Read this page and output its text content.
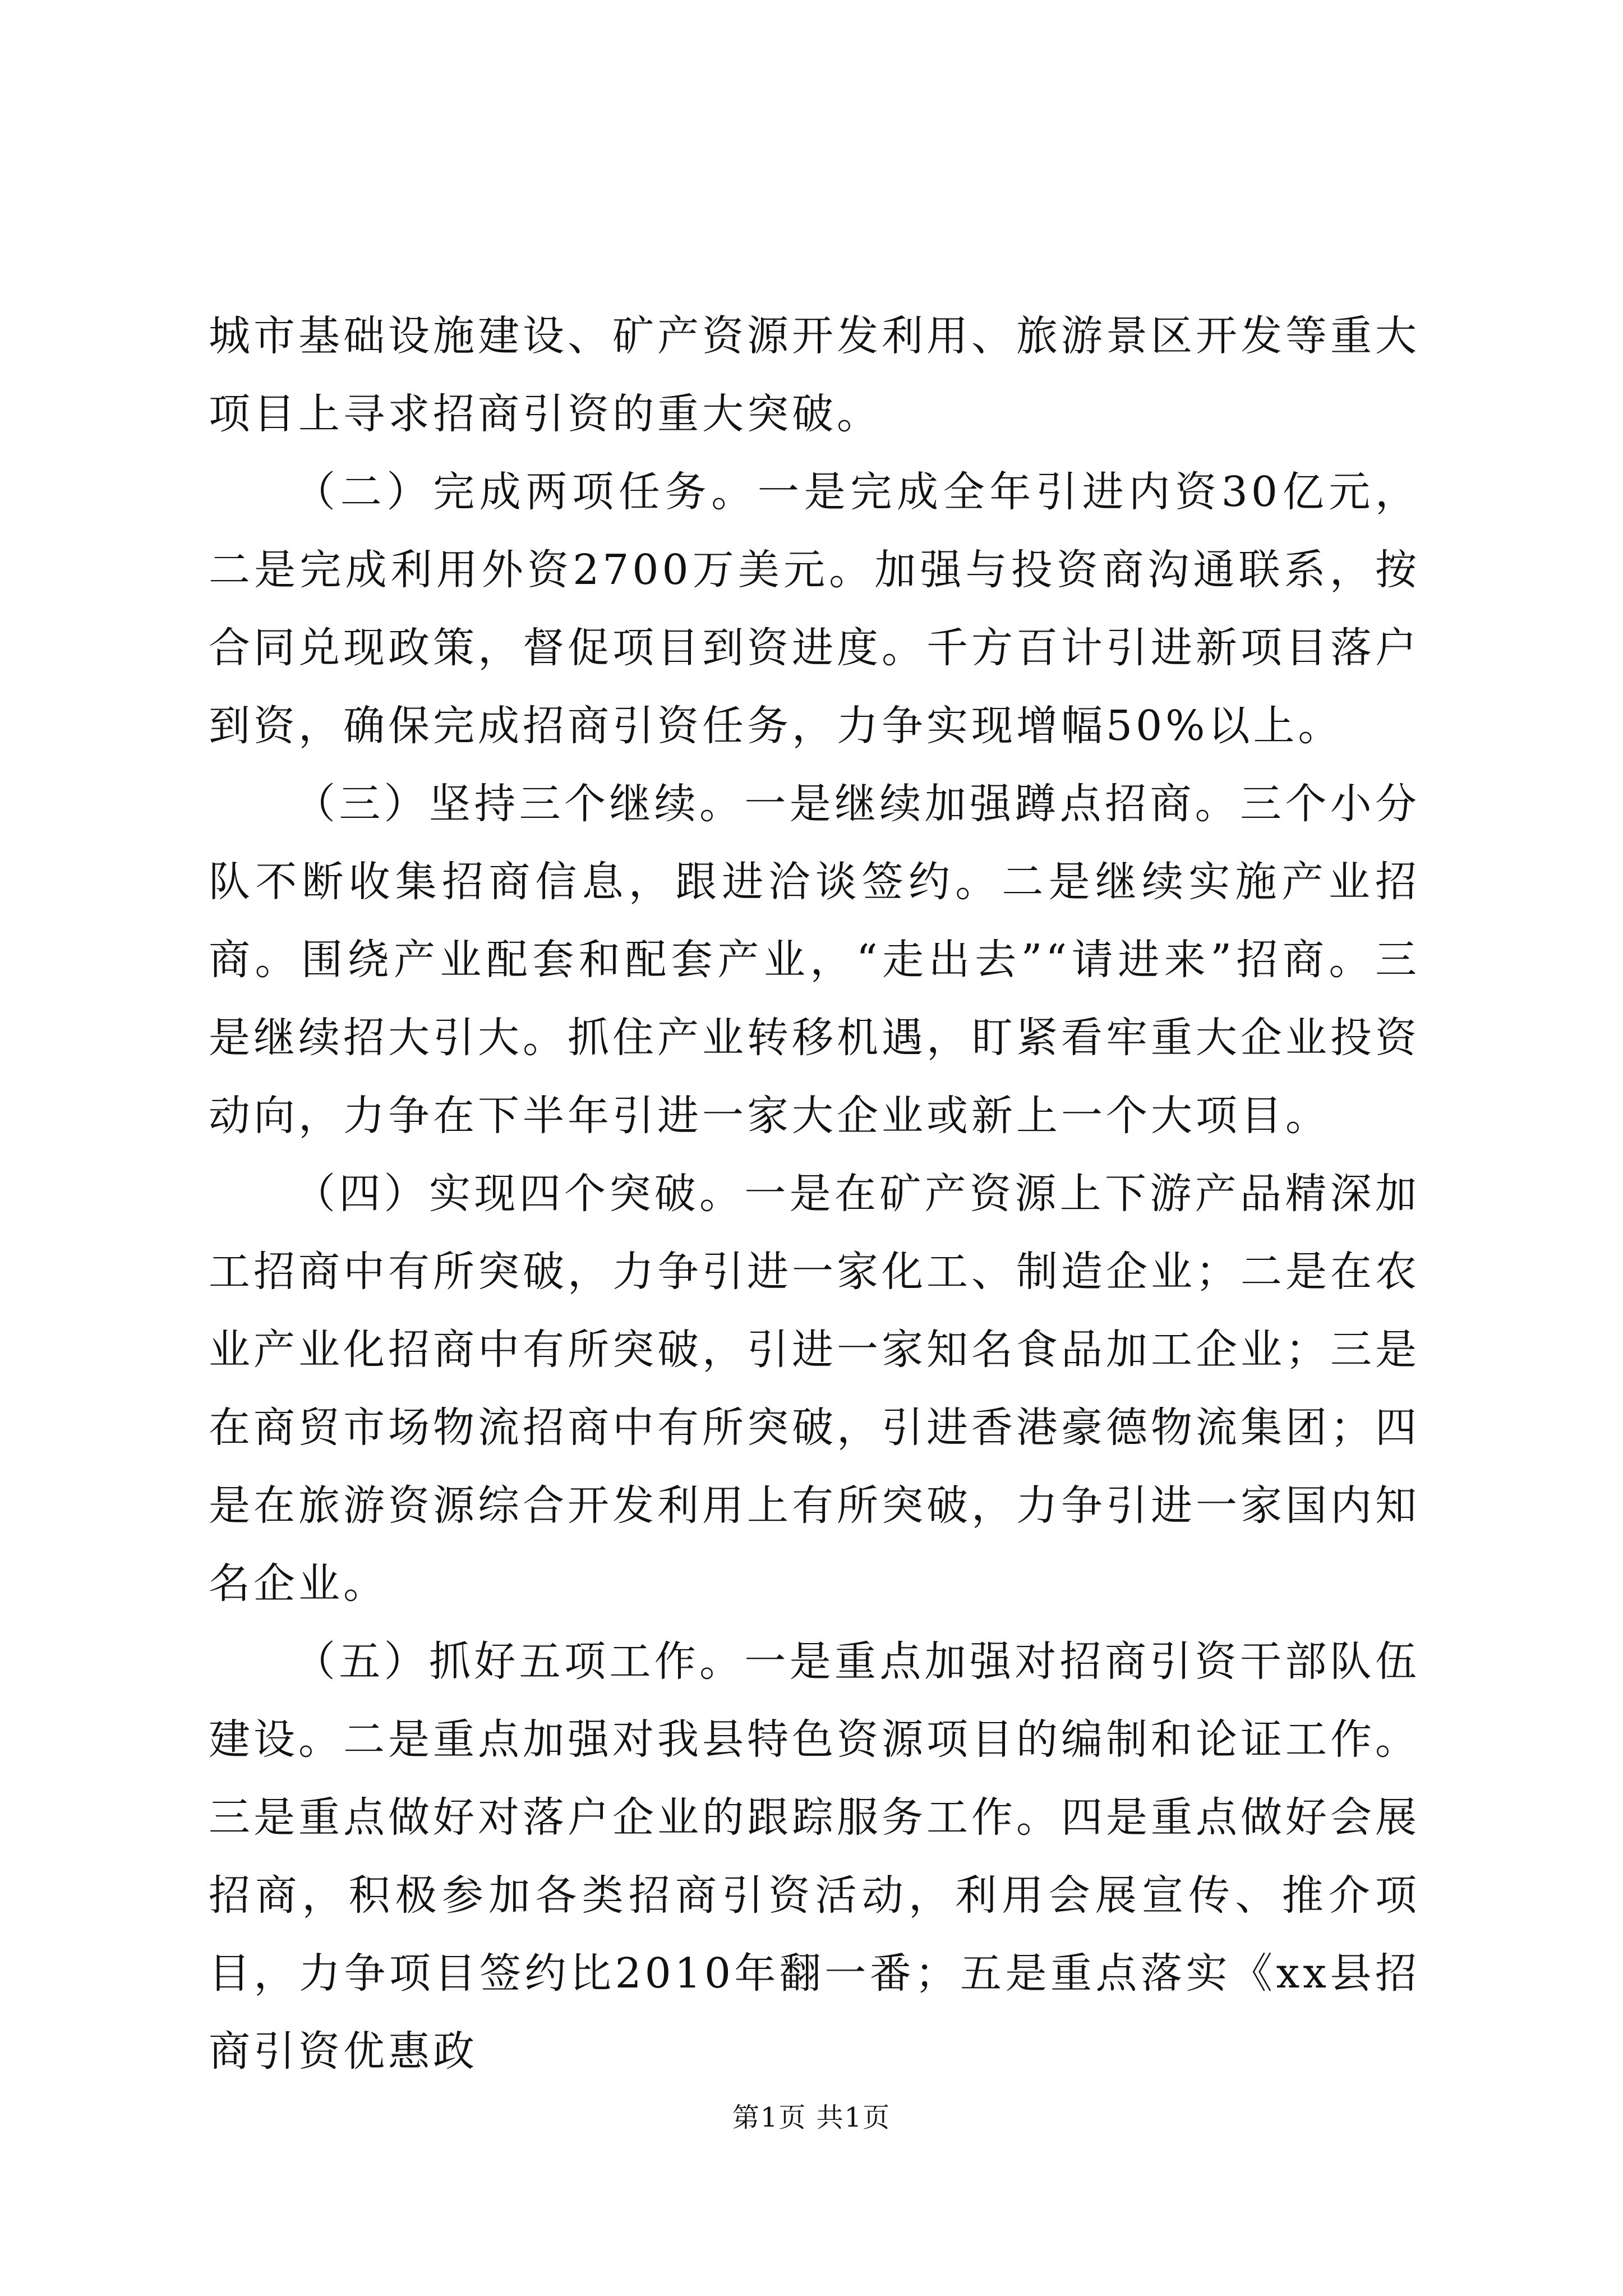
城市基础设施建设、矿产资源开发利用、旅游景区开发等重大项目上寻求招商引资的重大突破。

（二）完成两项任务。一是完成全年引进内资30亿元，二是完成利用外资2700万美元。加强与投资商沟通联系，按合同兑现政策，督促项目到资进度。千方百计引进新项目落户到资，确保完成招商引资任务，力争实现增幅50%以上。

（三）坚持三个继续。一是继续加强蹲点招商。三个小分队不断收集招商信息，跟进洽谈签约。二是继续实施产业招商。围绕产业配套和配套产业，“走出去”“请进来”招商。三是继续招大引大。抓住产业转移机遇，盯紧看牢重大企业投资动向，力争在下半年引进一家大企业或新上一个大项目。

（四）实现四个突破。一是在矿产资源上下游产品精深加工招商中有所突破，力争引进一家化工、制造企业；二是在农业产业化招商中有所突破，引进一家知名食品加工企业；三是在商贸市场物流招商中有所突破，引进香港豪德物流集团；四是在旅游资源综合开发利用上有所突破，力争引进一家国内知名企业。

（五）抓好五项工作。一是重点加强对招商引资干部队伍建设。二是重点加强对我县特色资源项目的编制和论证工作。三是重点做好对落户企业的跟踪服务工作。四是重点做好会展招商，积极参加各类招商引资活动，利用会展宣传、推介项目，力争项目签约比2010年翻一番；五是重点落实《xx县招商引资优惠政

第1页 共1页
